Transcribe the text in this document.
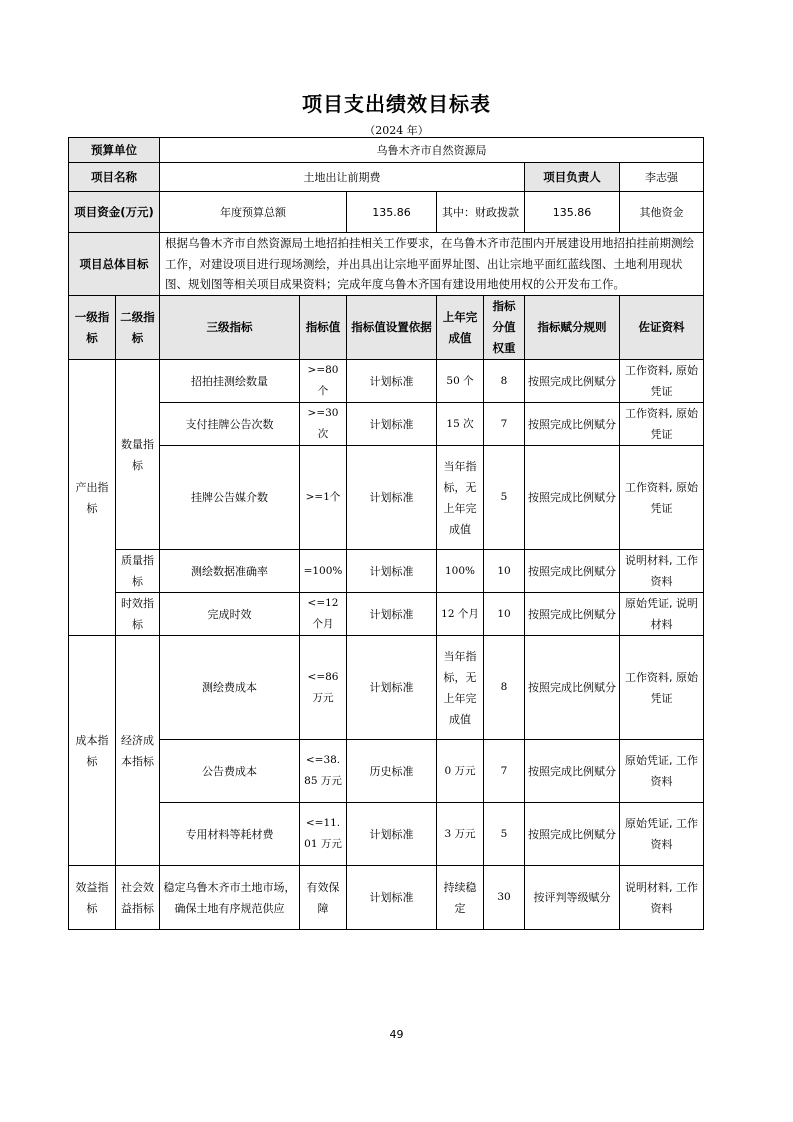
项目支出绩效目标表
（2024 年）
预算单位		乌鲁木齐市自然资源局						
项目名称		土地出让前期费					项目负责人	李志强
项目资金(万元)		年度预算总额		135.86	其中：财政拨款		135.86	其他资金
项目总体目标		根据乌鲁木齐市自然资源局土地招拍挂相关工作要求，在乌鲁木齐市范围内开展建设用地招拍挂前期测绘工作，对建设项目进行现场测绘，并出具出让宗地平面界址图、出让宗地平面红蓝线图、土地利用现状图、规划图等相关项目成果资料；完成年度乌鲁木齐国有建设用地使用权的公开发布工作。						
一级指标	二级指标	三级指标	指标值	指标值设置依据	上年完成值	指标分值权重	指标赋分规则	佐证资料
产出指标	数量指标	招拍挂测绘数量	>=80个	计划标准	50 个	8	按照完成比例赋分	工作资料, 原始凭证
		支付挂牌公告次数	>=30次	计划标准	15 次	7	按照完成比例赋分	工作资料, 原始凭证
		挂牌公告媒介数	>=1个	计划标准	当年指标，无上年完成值	5	按照完成比例赋分	工作资料, 原始凭证
	质量指标	测绘数据准确率	=100%	计划标准	100%	10	按照完成比例赋分	说明材料, 工作资料
	时效指标	完成时效	<=12个月	计划标准	12 个月	10	按照完成比例赋分	原始凭证, 说明材料
成本指标	经济成本指标	测绘费成本	<=86万元	计划标准	当年指标，无上年完成值	8	按照完成比例赋分	工作资料, 原始凭证
		公告费成本	<=38.85 万元	历史标准	0 万元	7	按照完成比例赋分	原始凭证, 工作资料
		专用材料等耗材费	<=11.01 万元	计划标准	3 万元	5	按照完成比例赋分	原始凭证, 工作资料
效益指标	社会效益指标	稳定乌鲁木齐市土地市场，确保土地有序规范供应	有效保障	计划标准	持续稳定	30	按评判等级赋分	说明材料, 工作资料
49
